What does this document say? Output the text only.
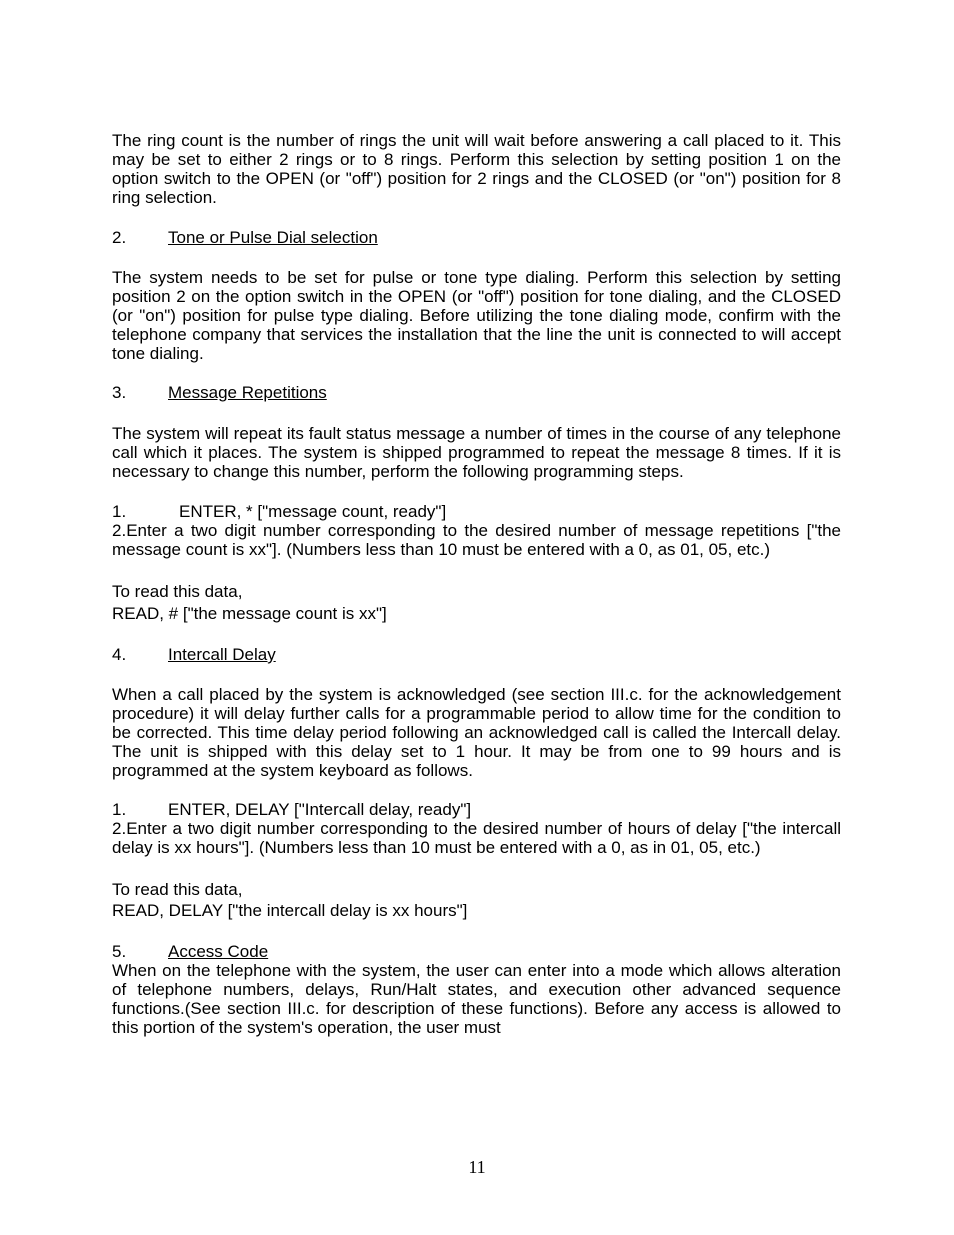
The ring count is the number of rings the unit will wait before answering a call placed to it. This may be set to either 2 rings or to 8 rings. Perform this selection by setting position 1 on the option switch to the OPEN (or "off") position for 2 rings and the CLOSED (or "on") position for 8 ring selection.

2. Tone or Pulse Dial selection

The system needs to be set for pulse or tone type dialing. Perform this selection by setting position 2 on the option switch in the OPEN (or "off") position for tone dialing, and the CLOSED (or "on") position for pulse type dialing. Before utilizing the tone dialing mode, confirm with the telephone company that services the installation that the line the unit is connected to will accept tone dialing.

3. Message Repetitions

The system will repeat its fault status message a number of times in the course of any telephone call which it places. The system is shipped programmed to repeat the message 8 times. If it is necessary to change this number, perform the following programming steps.

1.	ENTER, * ["message count, ready"]

2.Enter a two digit number corresponding to the desired number of message repetitions ["the message count is xx"]. (Numbers less than 10 must be entered with a 0, as 01, 05, etc.)

To read this data,

READ, # ["the message count is xx"]

4. Intercall Delay

When a call placed by the system is acknowledged (see section III.c. for the acknowledgement procedure) it will delay further calls for a programmable period to allow time for the condition to be corrected. This time delay period following an acknowledged call is called the Intercall delay. The unit is shipped with this delay set to 1 hour. It may be from one to 99 hours and is programmed at the system keyboard as follows.

1. ENTER, DELAY ["Intercall delay, ready"]

2.Enter a two digit number corresponding to the desired number of hours of delay ["the intercall delay is xx hours"]. (Numbers less than 10 must be entered with a 0, as in 01, 05, etc.)

To read this data,

READ, DELAY ["the intercall delay is xx hours"]

5. Access Code

When on the telephone with the system, the user can enter into a mode which allows alteration of telephone numbers, delays, Run/Halt states, and execution other advanced sequence functions.(See section III.c. for description of these functions). Before any access is allowed to this portion of the system's operation, the user must

11
